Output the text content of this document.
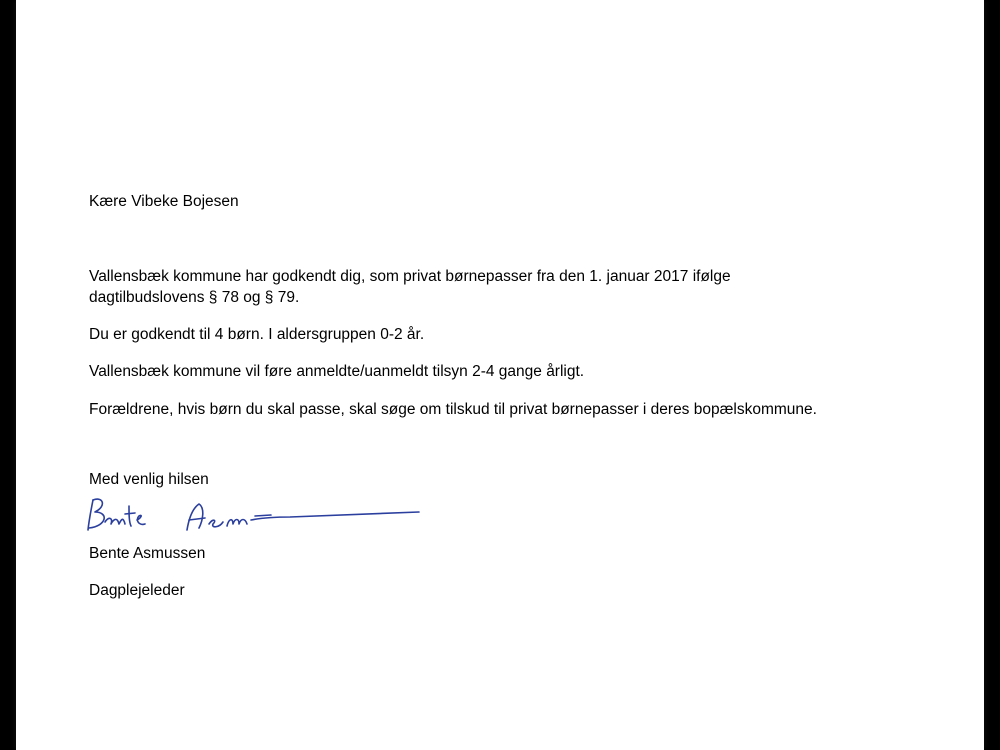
Kære Vibeke Bojesen

Vallensbæk kommune har godkendt dig, som privat børnepasser fra den 1. januar 2017 ifølge

dagtilbudslovens § 78 og § 79.

Du er godkendt til 4 børn. I aldersgruppen 0-2 år.

Vallensbæk kommune vil føre anmeldte/uanmeldt tilsyn 2-4 gange årligt.

Forældrene, hvis børn du skal passe, skal søge om tilskud til privat børnepasser i deres bopælskommune.

Med venlig hilsen

Bente Asmussen

Dagplejeleder
